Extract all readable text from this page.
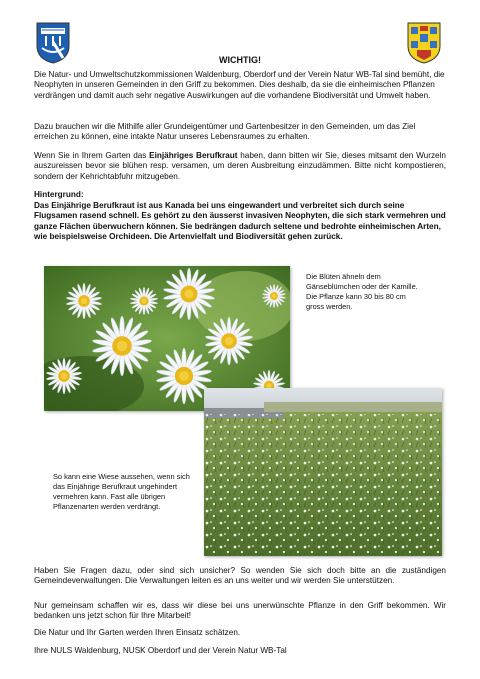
WICHTIG!

Die Natur- und Umweltschutzkommissionen Waldenburg, Oberdorf und der Verein Natur WB-Tal sind bemüht, die Neophyten in unseren Gemeinden in den Griff zu bekommen. Dies deshalb, da sie die einheimischen Pflanzen verdrängen und damit auch sehr negative Auswirkungen auf die vorhandene Biodiversität und Umwelt haben.

Dazu brauchen wir die Mithilfe aller Grundeigentümer und Gartenbesitzer in den Gemeinden, um das Ziel erreichen zu können, eine intakte Natur unseres Lebensraumes zu erhalten.

Wenn Sie in Ihrem Garten das Einjähriges Berufkraut haben, dann bitten wir Sie, dieses mitsamt den Wurzeln auszureissen bevor sie blühen resp. versamen, um deren Ausbreitung einzudämmen. Bitte nicht kompostieren, sondern der Kehrichtabfuhr mitzugeben.

Hintergrund:

Das Einjährige Berufkraut ist aus Kanada bei uns eingewandert und verbreitet sich durch seine Flugsamen rasend schnell. Es gehört zu den äusserst invasiven Neophyten, die sich stark vermehren und ganze Flächen überwuchern können. Sie bedrängen dadurch seltene und bedrohte einheimischen Arten, wie beispielsweise Orchideen. Die Artenvielfalt und Biodiversität gehen zurück.

Die Blüten ähneln dem Gänseblümchen oder der Kamille. Die Pflanze kann 30 bis 80 cm gross werden.

So kann eine Wiese aussehen, wenn sich das Einjährige Berufkraut ungehindert vermehren kann. Fast alle übrigen Pflanzenarten werden verdrängt.

Haben Sie Fragen dazu, oder sind sich unsicher? So wenden Sie sich doch bitte an die zuständigen Gemeindeverwaltungen. Die Verwaltungen leiten es an uns weiter und wir werden Sie unterstützen.

Nur gemeinsam schaffen wir es, dass wir diese bei uns unerwünschte Pflanze in den Griff bekommen. Wir bedanken uns jetzt schon für Ihre Mitarbeit!

Die Natur und Ihr Garten werden Ihren Einsatz schätzen.

Ihre NULS Waldenburg, NUSK Oberdorf und der Verein Natur WB-Tal
